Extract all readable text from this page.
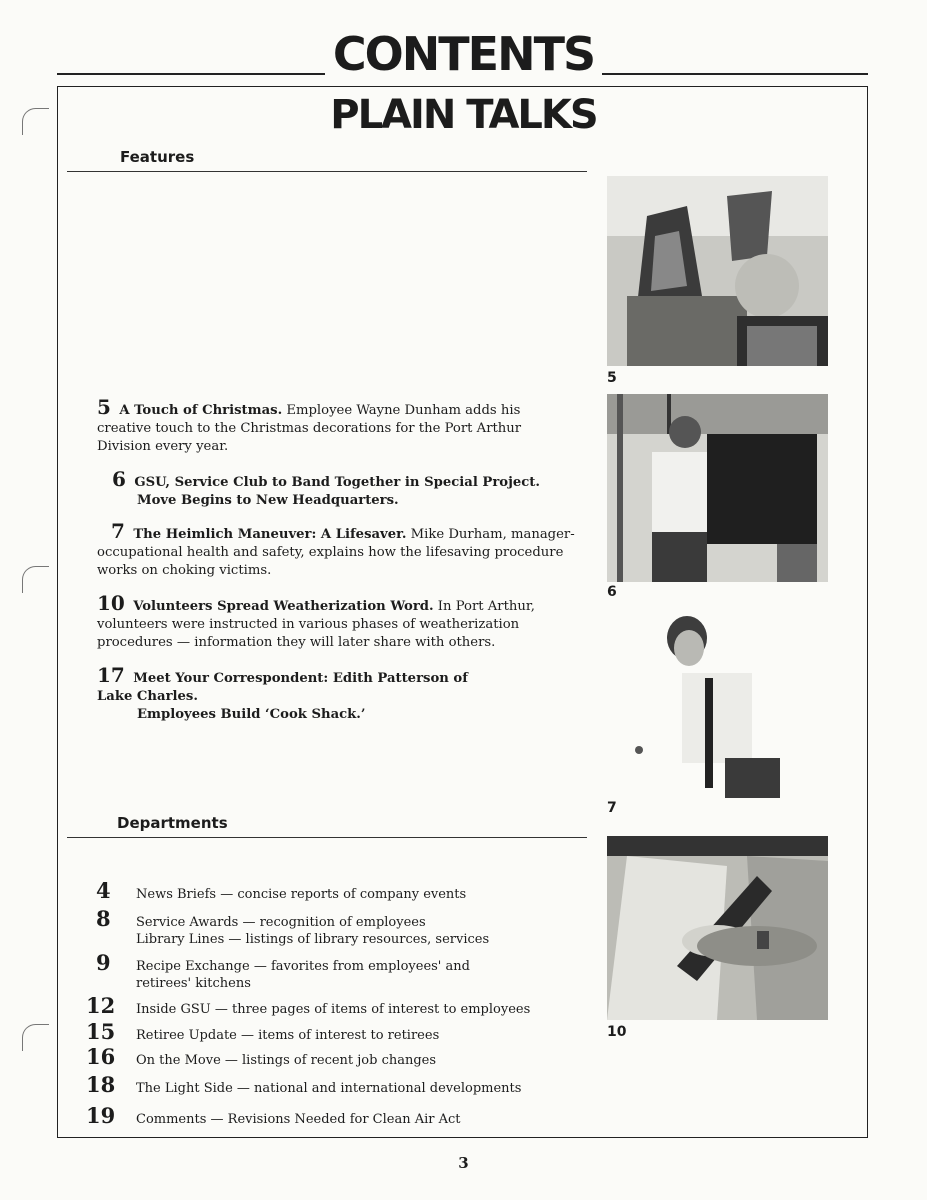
CONTENTS
PLAIN TALKS
Features
5 A Touch of Christmas. Employee Wayne Dunham adds his creative touch to the Christmas decorations for the Port Arthur Division every year.
6 GSU, Service Club to Band Together in Special Project.
Move Begins to New Headquarters.
7 The Heimlich Maneuver: A Lifesaver. Mike Durham, manager-occupational health and safety, explains how the lifesaving procedure works on choking victims.
10 Volunteers Spread Weatherization Word. In Port Arthur, volunteers were instructed in various phases of weatherization procedures — information they will later share with others.
17 Meet Your Correspondent: Edith Patterson of Lake Charles.
Employees Build ‘Cook Shack.’
Departments
4 News Briefs — concise reports of company events
8 Service Awards — recognition of employees
Library Lines — listings of library resources, services
9 Recipe Exchange — favorites from employees' and
retirees' kitchens
12 Inside GSU — three pages of items of interest to employees
15 Retiree Update — items of interest to retirees
16 On the Move — listings of recent job changes
18 The Light Side — national and international developments
19 Comments — Revisions Needed for Clean Air Act
5
6
7
10
3
